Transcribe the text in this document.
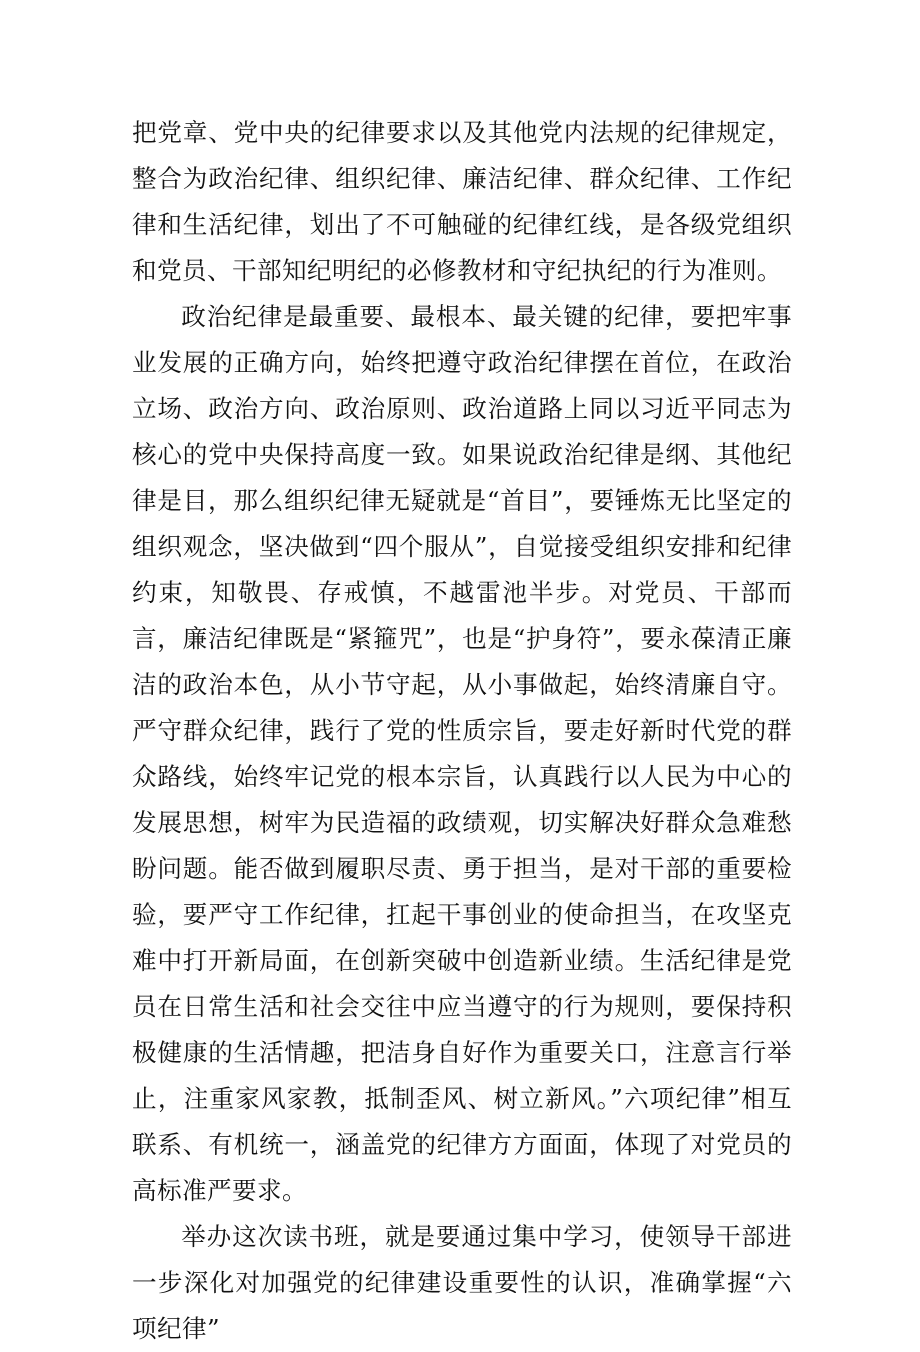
把党章、党中央的纪律要求以及其他党内法规的纪律规定，整合为政治纪律、组织纪律、廉洁纪律、群众纪律、工作纪律和生活纪律，划出了不可触碰的纪律红线，是各级党组织和党员、干部知纪明纪的必修教材和守纪执纪的行为准则。

政治纪律是最重要、最根本、最关键的纪律，要把牢事业发展的正确方向，始终把遵守政治纪律摆在首位，在政治立场、政治方向、政治原则、政治道路上同以习近平同志为核心的党中央保持高度一致。如果说政治纪律是纲、其他纪律是目，那么组织纪律无疑就是“首目”，要锤炼无比坚定的组织观念，坚决做到“四个服从”，自觉接受组织安排和纪律约束，知敬畏、存戒慎，不越雷池半步。对党员、干部而言，廉洁纪律既是“紧箍咒”，也是“护身符”，要永葆清正廉洁的政治本色，从小节守起，从小事做起，始终清廉自守。严守群众纪律，践行了党的性质宗旨，要走好新时代党的群众路线，始终牢记党的根本宗旨，认真践行以人民为中心的发展思想，树牢为民造福的政绩观，切实解决好群众急难愁盼问题。能否做到履职尽责、勇于担当，是对干部的重要检验，要严守工作纪律，扛起干事创业的使命担当，在攻坚克难中打开新局面，在创新突破中创造新业绩。生活纪律是党员在日常生活和社会交往中应当遵守的行为规则，要保持积极健康的生活情趣，把洁身自好作为重要关口，注意言行举止，注重家风家教，抵制歪风、树立新风。”六项纪律”相互联系、有机统一，涵盖党的纪律方方面面，体现了对党员的高标准严要求。

举办这次读书班，就是要通过集中学习，使领导干部进一步深化对加强党的纪律建设重要性的认识，准确掌握“六项纪律”
